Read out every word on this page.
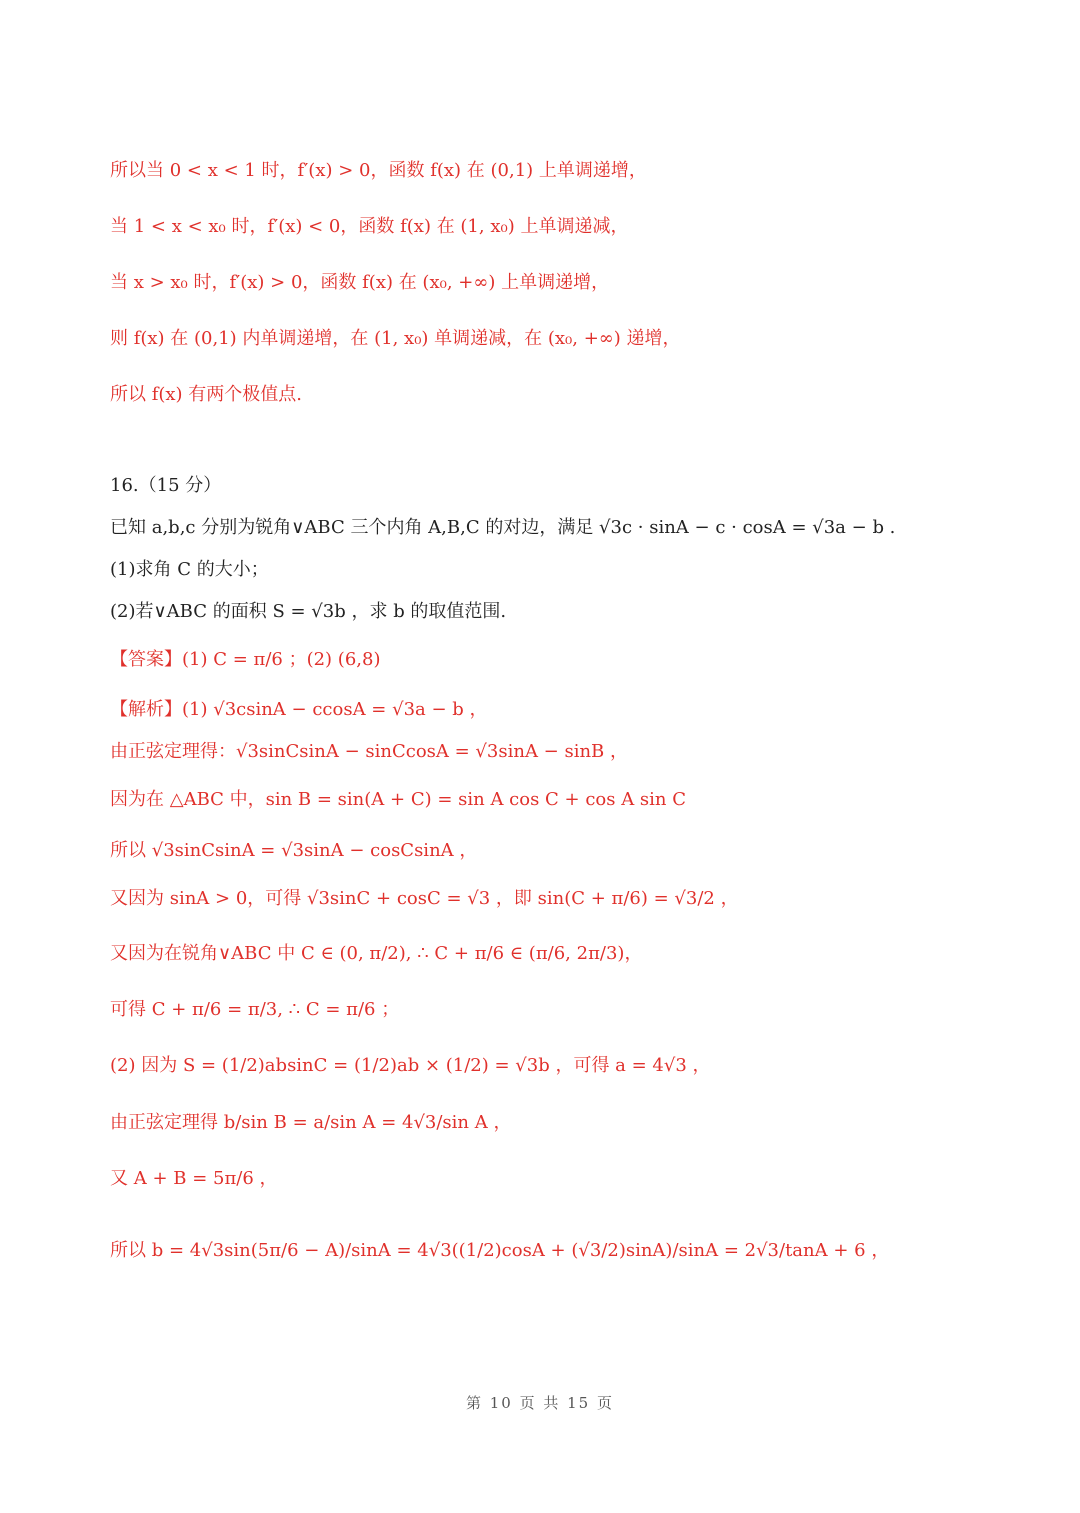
所以当 0 < x < 1 时，f′(x) > 0，函数 f(x) 在 (0,1) 上单调递增，
当 1 < x < x₀ 时，f′(x) < 0，函数 f(x) 在 (1, x₀) 上单调递减，
当 x > x₀ 时，f′(x) > 0，函数 f(x) 在 (x₀, +∞) 上单调递增，
则 f(x) 在 (0,1) 内单调递增，在 (1, x₀) 单调递减，在 (x₀, +∞) 递增，
所以 f(x) 有两个极值点.
16.（15 分）
已知 a,b,c 分别为锐角∨ABC 三个内角 A,B,C 的对边，满足 √3c · sinA − c · cosA = √3a − b .
(1)求角 C 的大小；
(2)若∨ABC 的面积 S = √3b ，求 b 的取值范围.
【答案】(1) C = π/6 ；(2) (6,8)
【解析】(1) √3csinA − ccosA = √3a − b ，
由正弦定理得：√3sinCsinA − sinCcosA = √3sinA − sinB ，
因为在 △ABC 中，sin B = sin(A + C) = sin A cos C + cos A sin C
所以 √3sinCsinA = √3sinA − cosCsinA ，
又因为 sinA > 0，可得 √3sinC + cosC = √3 ，即 sin(C + π/6) = √3/2 ，
又因为在锐角∨ABC 中 C ∈ (0, π/2), ∴ C + π/6 ∈ (π/6, 2π/3)，
可得 C + π/6 = π/3, ∴ C = π/6 ；
(2) 因为 S = (1/2)absinC = (1/2)ab × (1/2) = √3b ，可得 a = 4√3 ，
由正弦定理得 b/sin B = a/sin A = 4√3/sin A ，
又 A + B = 5π/6 ，
所以 b = 4√3sin(5π/6 − A)/sinA = 4√3((1/2)cosA + (√3/2)sinA)/sinA = 2√3/tanA + 6 ，
第 10 页 共 15 页
